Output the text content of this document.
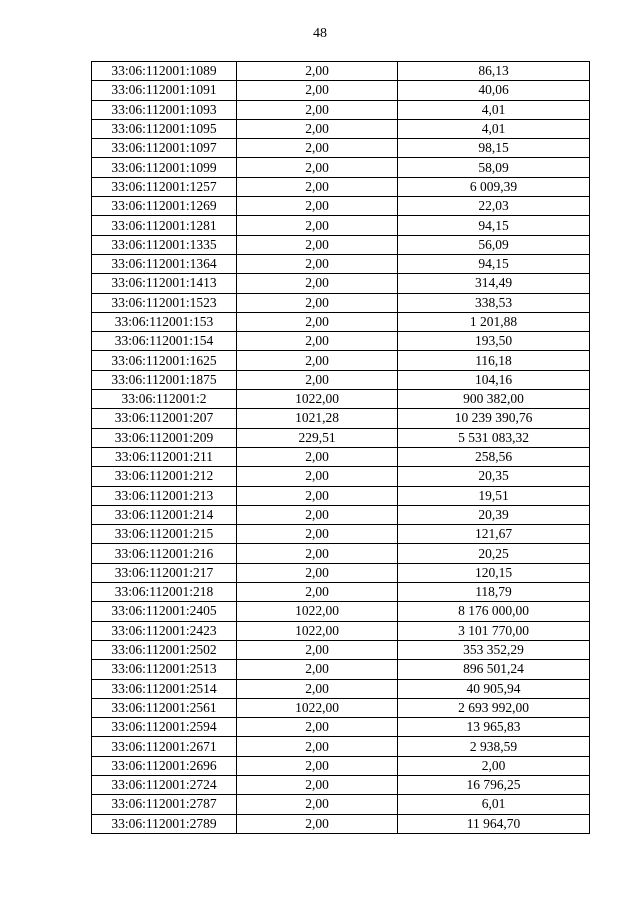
48
33:06:112001:1089	2,00	86,13
33:06:112001:1091	2,00	40,06
33:06:112001:1093	2,00	4,01
33:06:112001:1095	2,00	4,01
33:06:112001:1097	2,00	98,15
33:06:112001:1099	2,00	58,09
33:06:112001:1257	2,00	6 009,39
33:06:112001:1269	2,00	22,03
33:06:112001:1281	2,00	94,15
33:06:112001:1335	2,00	56,09
33:06:112001:1364	2,00	94,15
33:06:112001:1413	2,00	314,49
33:06:112001:1523	2,00	338,53
33:06:112001:153	2,00	1 201,88
33:06:112001:154	2,00	193,50
33:06:112001:1625	2,00	116,18
33:06:112001:1875	2,00	104,16
33:06:112001:2	1022,00	900 382,00
33:06:112001:207	1021,28	10 239 390,76
33:06:112001:209	229,51	5 531 083,32
33:06:112001:211	2,00	258,56
33:06:112001:212	2,00	20,35
33:06:112001:213	2,00	19,51
33:06:112001:214	2,00	20,39
33:06:112001:215	2,00	121,67
33:06:112001:216	2,00	20,25
33:06:112001:217	2,00	120,15
33:06:112001:218	2,00	118,79
33:06:112001:2405	1022,00	8 176 000,00
33:06:112001:2423	1022,00	3 101 770,00
33:06:112001:2502	2,00	353 352,29
33:06:112001:2513	2,00	896 501,24
33:06:112001:2514	2,00	40 905,94
33:06:112001:2561	1022,00	2 693 992,00
33:06:112001:2594	2,00	13 965,83
33:06:112001:2671	2,00	2 938,59
33:06:112001:2696	2,00	2,00
33:06:112001:2724	2,00	16 796,25
33:06:112001:2787	2,00	6,01
33:06:112001:2789	2,00	11 964,70
